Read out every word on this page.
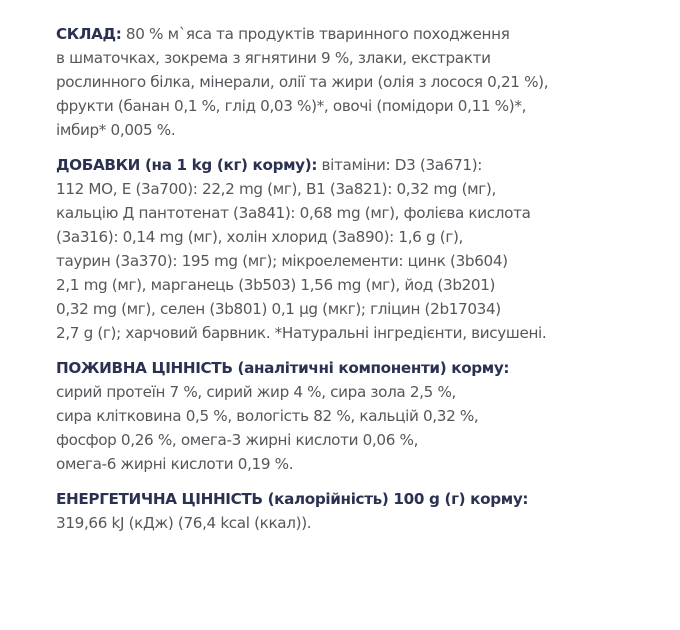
СКЛАД: 80 % м`яса та продуктів тваринного походження

в шматочках, зокрема з ягнятини 9 %, злаки, екстракти

рослинного білка, мінерали, олії та жири (олія з лосося 0,21 %),

фрукти (банан 0,1 %, глід 0,03 %)*, овочі (помідори 0,11 %)*,

імбир* 0,005 %.

ДОБАВКИ (на 1 kg (кг) корму): вітаміни: D3 (3a671):

112 МО, E (3a700): 22,2 mg (мг), B1 (3a821): 0,32 mg (мг),

кальцію Д пантотенат (3a841): 0,68 mg (мг), фолієва кислота

(3a316): 0,14 mg (мг), холін хлорид (3a890): 1,6 g (г),

таурин (3a370): 195 mg (мг); мікроелементи: цинк (3b604)

2,1 mg (мг), марганець (3b503) 1,56 mg (мг), йод (3b201)

0,32 mg (мг), селен (3b801) 0,1 µg (мкг); гліцин (2b17034)

2,7 g (г); харчовий барвник. *Натуральні інгредієнти, висушені.

ПОЖИВНА ЦІННІСТЬ (аналітичні компоненти) корму:

сирий протеїн 7 %, сирий жир 4 %, сира зола 2,5 %,

сира клітковина 0,5 %, вологість 82 %, кальцій 0,32 %,

фосфор 0,26 %, омега-3 жирні кислоти 0,06 %,

омега-6 жирні кислоти 0,19 %.

ЕНЕРГЕТИЧНА ЦІННІСТЬ (калорійність) 100 g (г) корму:

319,66 kJ (кДж) (76,4 kcal (ккал)).
